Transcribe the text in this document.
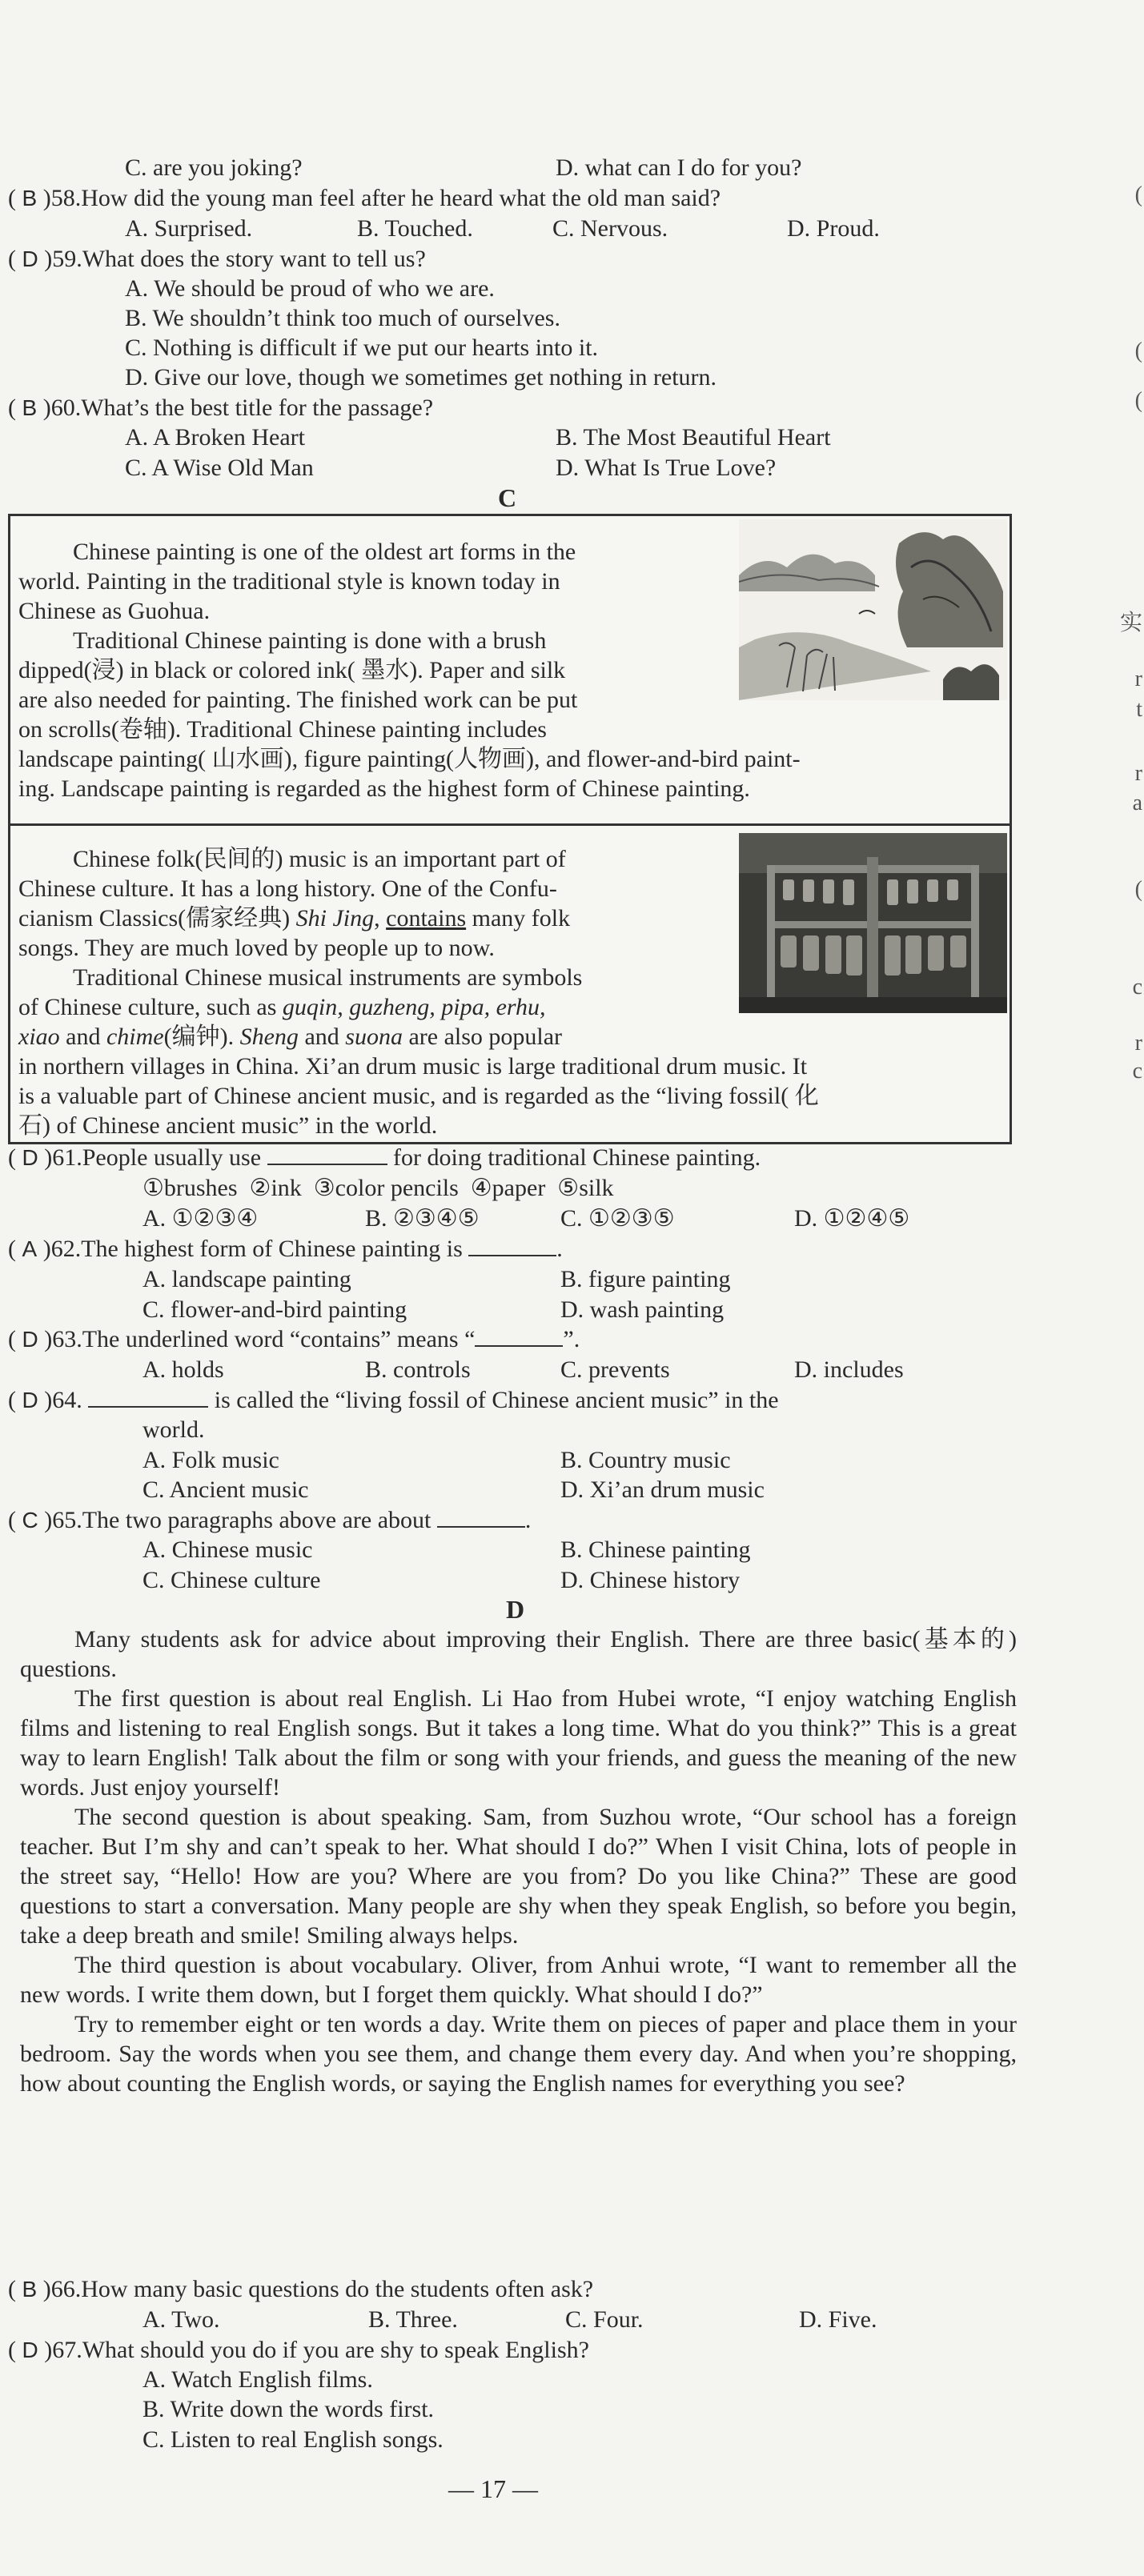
(
(
(
实
r
t
r
a
(
c
r
c
C. are you joking?	D. what can I do for you?
( B )58.How did the young man feel after he heard what the old man said?
A. Surprised.	B. Touched.	C. Nervous.	D. Proud.
( D )59.What does the story want to tell us?
A. We should be proud of who we are.
B. We shouldn’t think too much of ourselves.
C. Nothing is difficult if we put our hearts into it.
D. Give our love, though we sometimes get nothing in return.
( B )60.What’s the best title for the passage?
A. A Broken Heart	B. The Most Beautiful Heart
C. A Wise Old Man	D. What Is True Love?
C
Chinese painting is one of the oldest art forms in the
world. Painting in the traditional style is known today in
Chinese as Guohua.
Traditional Chinese painting is done with a brush
dipped(浸) in black or colored ink( 墨水). Paper and silk
are also needed for painting. The finished work can be put
on scrolls(卷轴). Traditional Chinese painting includes
landscape painting( 山水画), figure painting(人物画), and flower-and-bird paint-
ing. Landscape painting is regarded as the highest form of Chinese painting.
Chinese folk(民间的) music is an important part of
Chinese culture. It has a long history. One of the Confu-
cianism Classics(儒家经典) Shi Jing, contains many folk
songs. They are much loved by people up to now.
Traditional Chinese musical instruments are symbols
of Chinese culture, such as guqin, guzheng, pipa, erhu,
xiao and chime(编钟). Sheng and suona are also popular
in northern villages in China. Xi’an drum music is large traditional drum music. It
is a valuable part of Chinese ancient music, and is regarded as the “living fossil( 化
石) of Chinese ancient music” in the world.
( D )61.People usually use	for doing traditional Chinese painting.
①brushes  ②ink  ③color pencils  ④paper  ⑤silk
A. ①②③④	B. ②③④⑤	C. ①②③⑤	D. ①②④⑤
( A )62.The highest form of Chinese painting is	.
A. landscape painting	B. figure painting
C. flower-and-bird painting	D. wash painting
( D )63.The underlined word “contains” means “	”.
A. holds	B. controls	C. prevents	D. includes
( D )64.	is called the “living fossil of Chinese ancient music” in the
world.
A. Folk music	B. Country music
C. Ancient music	D. Xi’an drum music
( C )65.The two paragraphs above are about	.
A. Chinese music	B. Chinese painting
C. Chinese culture	D. Chinese history
D

Many students ask for advice about improving their English. There are three basic(基本的) questions.

The first question is about real English. Li Hao from Hubei wrote, “I enjoy watching English films and listening to real English songs. But it takes a long time. What do you think?” This is a great way to learn English! Talk about the film or song with your friends, and guess the meaning of the new words. Just enjoy yourself!

The second question is about speaking. Sam, from Suzhou wrote, “Our school has a foreign teacher. But I’m shy and can’t speak to her. What should I do?” When I visit China, lots of people in the street say, “Hello! How are you? Where are you from? Do you like China?” These are good questions to start a conversation. Many people are shy when they speak English, so before you begin, take a deep breath and smile! Smiling always helps.

The third question is about vocabulary. Oliver, from Anhui wrote, “I want to remember all the new words. I write them down, but I forget them quickly. What should I do?”

Try to remember eight or ten words a day. Write them on pieces of paper and place them in your bedroom. Say the words when you see them, and change them every day. And when you’re shopping, how about counting the English words, or saying the English names for everything you see?

( B )66.How many basic questions do the students often ask?
A. Two.	B. Three.	C. Four.	D. Five.
( D )67.What should you do if you are shy to speak English?
A. Watch English films.
B. Write down the words first.
C. Listen to real English songs.
— 17 —
